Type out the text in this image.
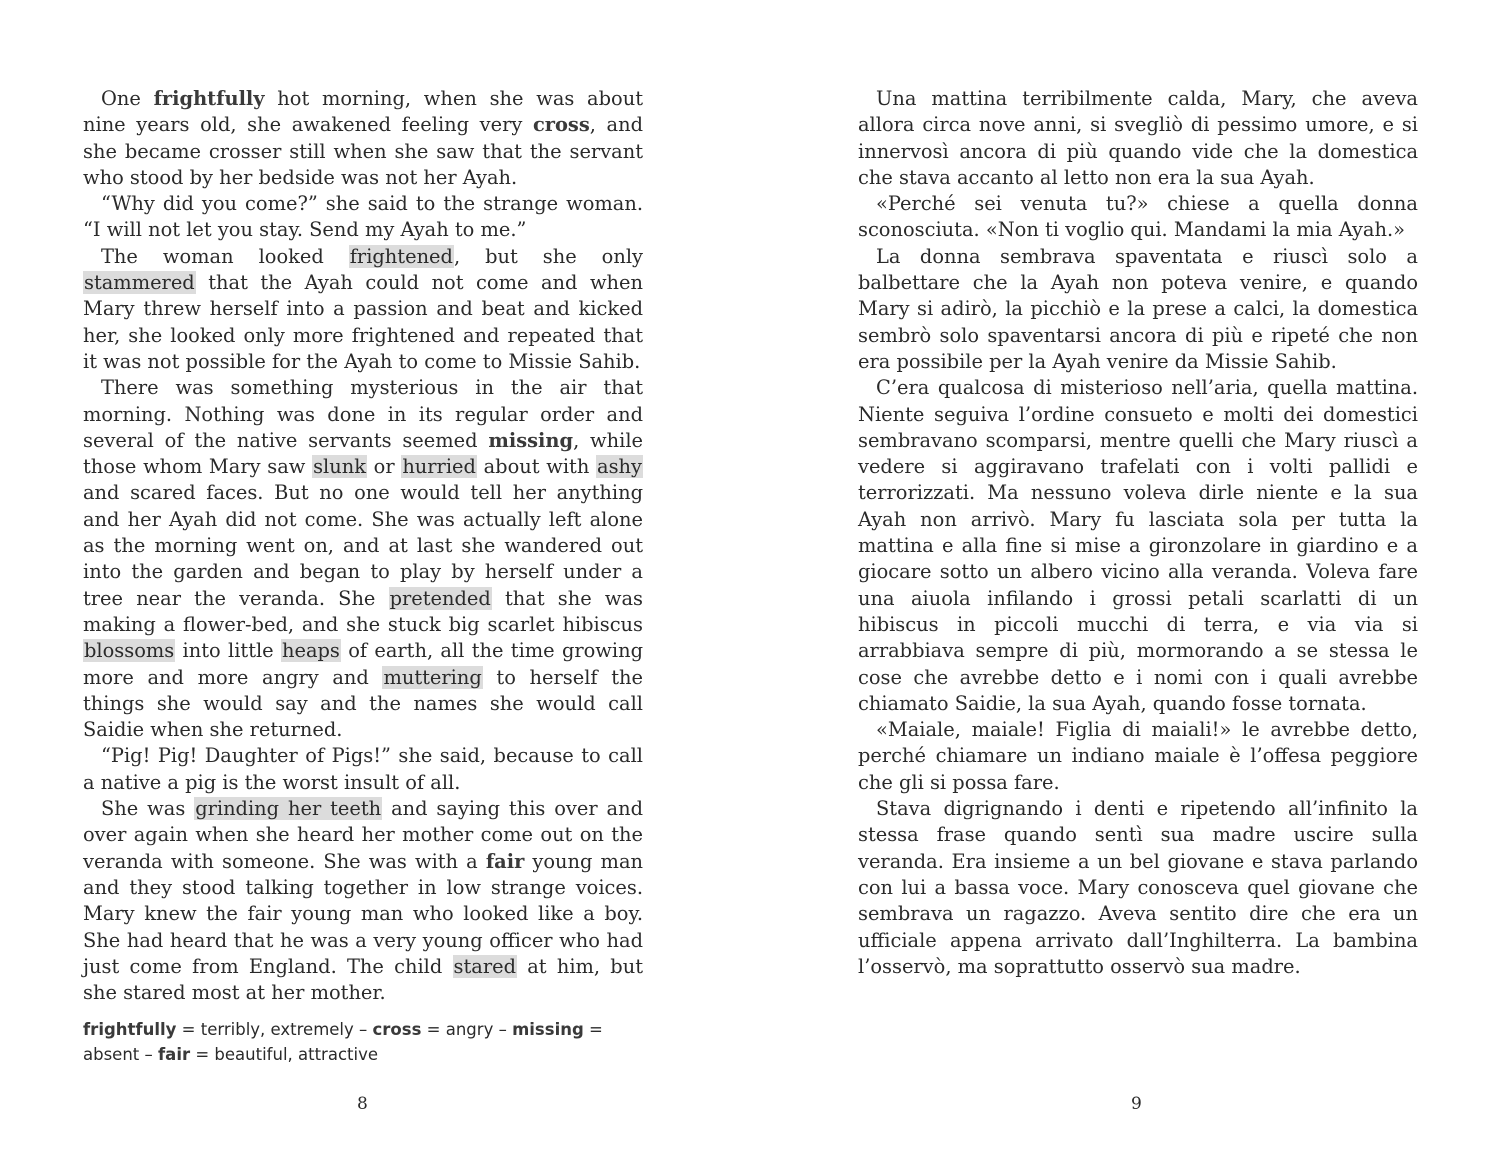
One frightfully hot morning, when she was about nine years old, she awakened feeling very cross, and she became crosser still when she saw that the servant who stood by her bedside was not her Ayah.

“Why did you come?” she said to the strange woman. “I will not let you stay. Send my Ayah to me.”

The woman looked frightened, but she only stammered that the Ayah could not come and when Mary threw herself into a passion and beat and kicked her, she looked only more frightened and repeated that it was not possible for the Ayah to come to Missie Sahib.

There was something mysterious in the air that morning. Nothing was done in its regular order and several of the native servants seemed missing, while those whom Mary saw slunk or hurried about with ashy and scared faces. But no one would tell her anything and her Ayah did not come. She was actually left alone as the morning went on, and at last she wandered out into the garden and began to play by herself under a tree near the veranda. She pretended that she was making a flower-bed, and she stuck big scarlet hibiscus blossoms into little heaps of earth, all the time growing more and more angry and muttering to herself the things she would say and the names she would call Saidie when she returned.

“Pig! Pig! Daughter of Pigs!” she said, because to call a native a pig is the worst insult of all.

She was grinding her teeth and saying this over and over again when she heard her mother come out on the veranda with someone. She was with a fair young man and they stood talking together in low strange voices. Mary knew the fair young man who looked like a boy. She had heard that he was a very young officer who had just come from England. The child stared at him, but she stared most at her mother.

frightfully = terribly, extremely – cross = angry – missing = absent – fair = beautiful, attractive
8

Una mattina terribilmente calda, Mary, che aveva allora circa nove anni, si svegliò di pessimo umore, e si innervosì ancora di più quando vide che la domestica che stava accanto al letto non era la sua Ayah.

«Perché sei venuta tu?» chiese a quella donna sconosciuta. «Non ti voglio qui. Mandami la mia Ayah.»

La donna sembrava spaventata e riuscì solo a balbettare che la Ayah non poteva venire, e quando Mary si adirò, la picchiò e la prese a calci, la domestica sembrò solo spaventarsi ancora di più e ripeté che non era possibile per la Ayah venire da Missie Sahib.

C’era qualcosa di misterioso nell’aria, quella mattina. Niente seguiva l’ordine consueto e molti dei domestici sembravano scomparsi, mentre quelli che Mary riuscì a vedere si aggiravano trafelati con i volti pallidi e terrorizzati. Ma nessuno voleva dirle niente e la sua Ayah non arrivò. Mary fu lasciata sola per tutta la mattina e alla fine si mise a gironzolare in giardino e a giocare sotto un albero vicino alla veranda. Voleva fare una aiuola infilando i grossi petali scarlatti di un hibiscus in piccoli mucchi di terra, e via via si arrabbiava sempre di più, mormorando a se stessa le cose che avrebbe detto e i nomi con i quali avrebbe chiamato Saidie, la sua Ayah, quando fosse tornata.

«Maiale, maiale! Figlia di maiali!» le avrebbe detto, perché chiamare un indiano maiale è l’offesa peggiore che gli si possa fare.

Stava digrignando i denti e ripetendo all’infinito la stessa frase quando sentì sua madre uscire sulla veranda. Era insieme a un bel giovane e stava parlando con lui a bassa voce. Mary conosceva quel giovane che sembrava un ragazzo. Aveva sentito dire che era un ufficiale appena arrivato dall’Inghilterra. La bambina l’osservò, ma soprattutto osservò sua madre.

9
